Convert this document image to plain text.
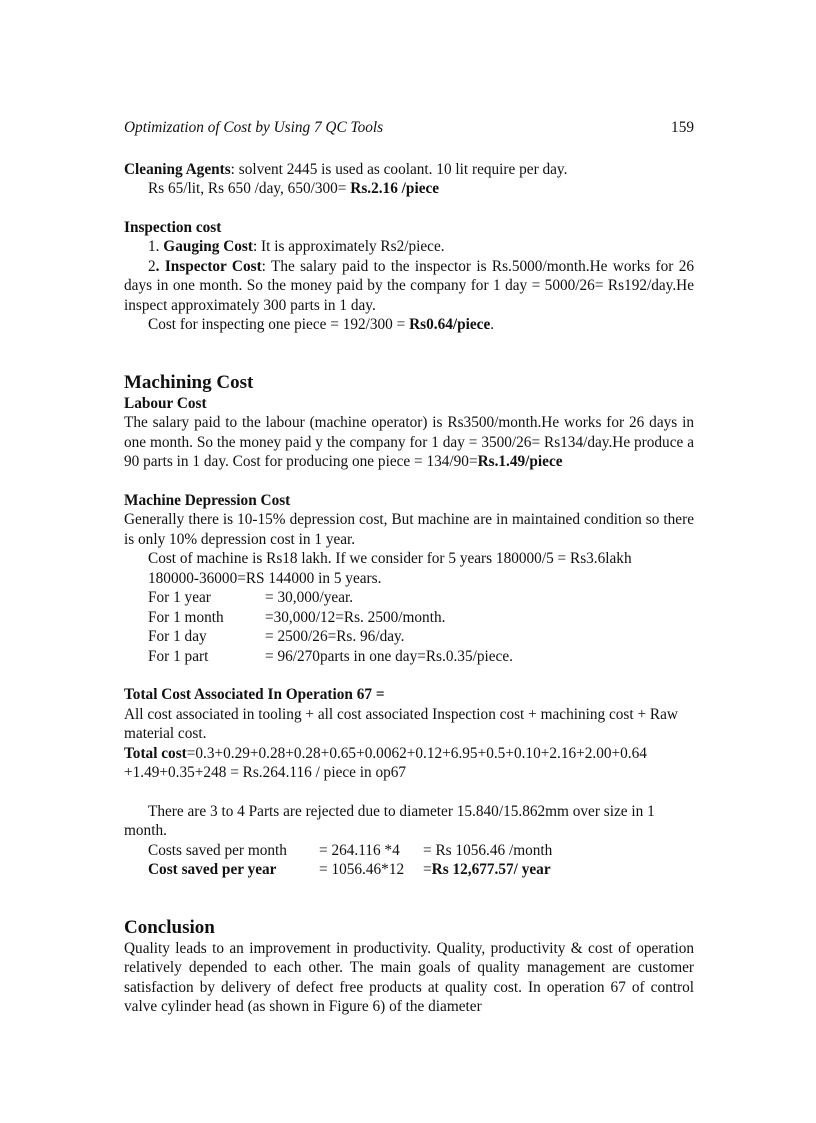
Optimization of Cost by Using 7 QC Tools	159

Cleaning Agents: solvent 2445 is used as coolant. 10 lit require per day.

Rs 65/lit, Rs 650 /day, 650/300= Rs.2.16 /piece

Inspection cost

1. Gauging Cost: It is approximately Rs2/piece.

2. Inspector Cost: The salary paid to the inspector is Rs.5000/month.He works for 26 days in one month. So the money paid by the company for 1 day = 5000/26= Rs192/day.He inspect approximately 300 parts in 1 day.

Cost for inspecting one piece = 192/300 = Rs0.64/piece.

Machining Cost

Labour Cost

The salary paid to the labour (machine operator) is Rs3500/month.He works for 26 days in one month. So the money paid y the company for 1 day = 3500/26= Rs134/day.He produce a 90 parts in 1 day. Cost for producing one piece = 134/90=Rs.1.49/piece

Machine Depression Cost

Generally there is 10-15% depression cost, But machine are in maintained condition so there is only 10% depression cost in 1 year.

Cost of machine is Rs18 lakh. If we consider for 5 years 180000/5 = Rs3.6lakh

180000-36000=RS 144000 in 5 years.

For 1 year	= 30,000/year.
For 1 month	=30,000/12=Rs. 2500/month.
For 1 day	= 2500/26=Rs. 96/day.
For 1 part	= 96/270parts in one day=Rs.0.35/piece.

Total Cost Associated In Operation 67 =

All cost associated in tooling + all cost associated Inspection cost + machining cost + Raw material cost.

Total cost=0.3+0.29+0.28+0.28+0.65+0.0062+0.12+6.95+0.5+0.10+2.16+2.00+0.64 +1.49+0.35+248 = Rs.264.116 / piece in op67

There are 3 to 4 Parts are rejected due to diameter 15.840/15.862mm over size in 1 month.

Costs saved per month	= 264.116 *4	= Rs 1056.46 /month
Cost saved per year	= 1056.46*12	=Rs 12,677.57/ year
Conclusion

Quality leads to an improvement in productivity. Quality, productivity & cost of operation relatively depended to each other. The main goals of quality management are customer satisfaction by delivery of defect free products at quality cost. In operation 67 of control valve cylinder head (as shown in Figure 6) of the diameter
